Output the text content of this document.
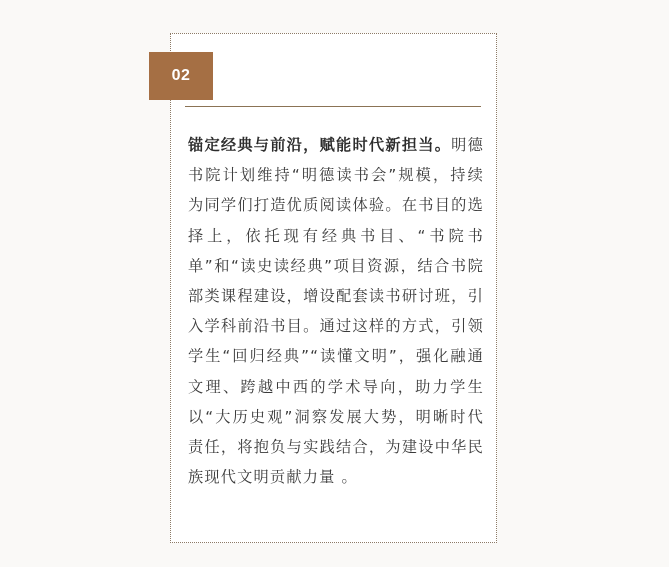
02

锚定经典与前沿，赋能时代新担当。明德书院计划维持“明德读书会”规模，持续为同学们打造优质阅读体验。在书目的选择上，依托现有经典书目、“书院书单”和“读史读经典”项目资源，结合书院部类课程建设，增设配套读书研讨班，引入学科前沿书目。通过这样的方式，引领学生“回归经典”“读懂文明”，强化融通文理、跨越中西的学术导向，助力学生以“大历史观”洞察发展大势，明晰时代责任，将抱负与实践结合，为建设中华民族现代文明贡献力量 。
